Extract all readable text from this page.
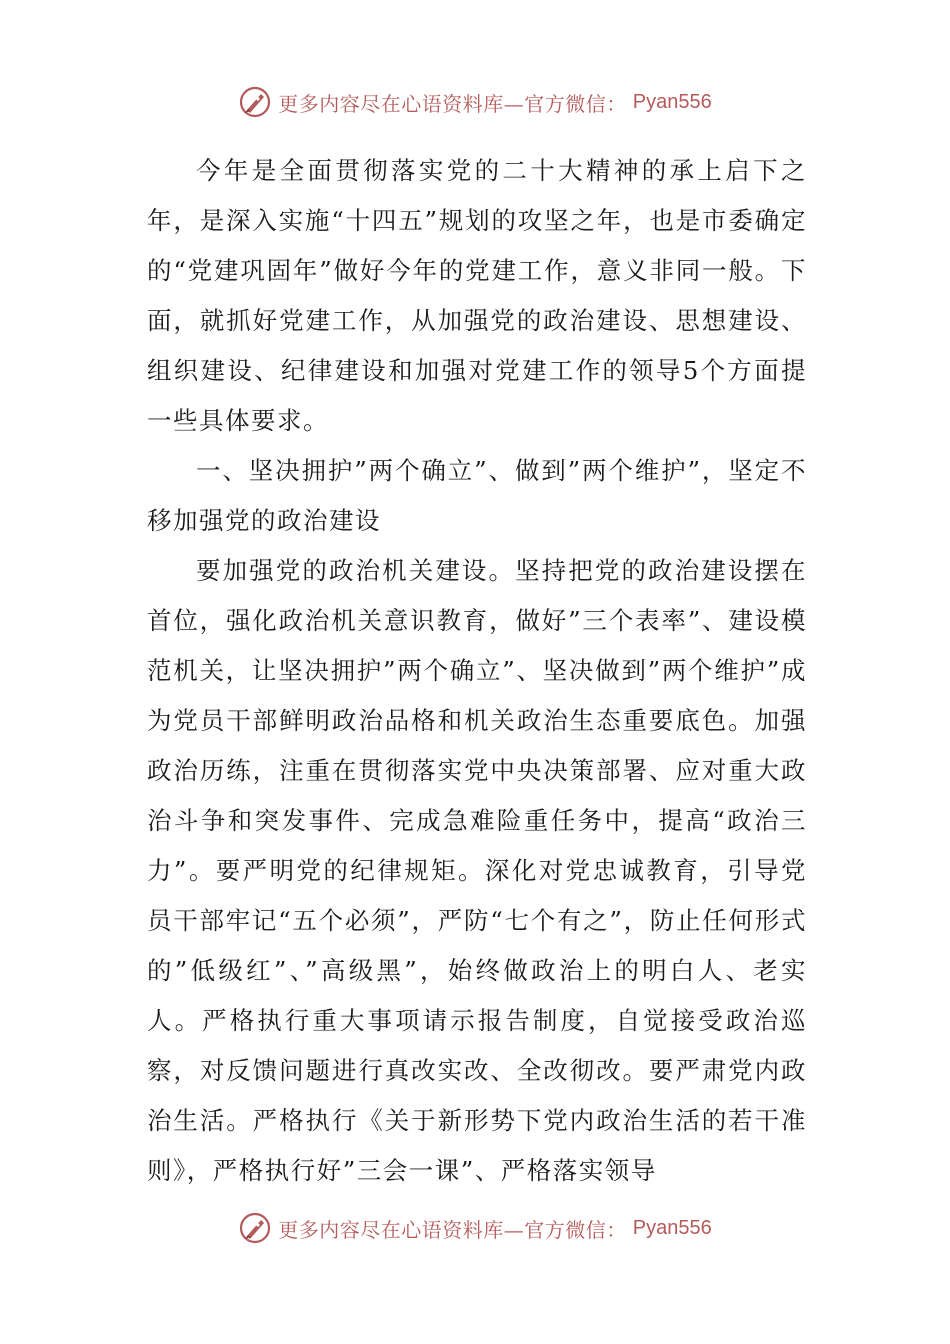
更多内容尽在心语资料库—官方微信： Pyan556

今年是全面贯彻落实党的二十大精神的承上启下之年，是深入实施“十四五”规划的攻坚之年，也是市委确定的“党建巩固年”做好今年的党建工作，意义非同一般。下面，就抓好党建工作，从加强党的政治建设、思想建设、组织建设、纪律建设和加强对党建工作的领导5个方面提一些具体要求。

一、坚决拥护”两个确立”、做到”两个维护”，坚定不移加强党的政治建设

要加强党的政治机关建设。坚持把党的政治建设摆在首位，强化政治机关意识教育，做好”三个表率”、建设模范机关，让坚决拥护”两个确立”、坚决做到”两个维护”成为党员干部鲜明政治品格和机关政治生态重要底色。加强政治历练，注重在贯彻落实党中央决策部署、应对重大政治斗争和突发事件、完成急难险重任务中，提高“政治三力”。要严明党的纪律规矩。深化对党忠诚教育，引导党员干部牢记“五个必须”，严防“七个有之”，防止任何形式的”低级红”、”高级黑”，始终做政治上的明白人、老实人。严格执行重大事项请示报告制度，自觉接受政治巡察，对反馈问题进行真改实改、全改彻改。要严肃党内政治生活。严格执行《关于新形势下党内政治生活的若干准则》，严格执行好”三会一课”、严格落实领导

更多内容尽在心语资料库—官方微信： Pyan556
